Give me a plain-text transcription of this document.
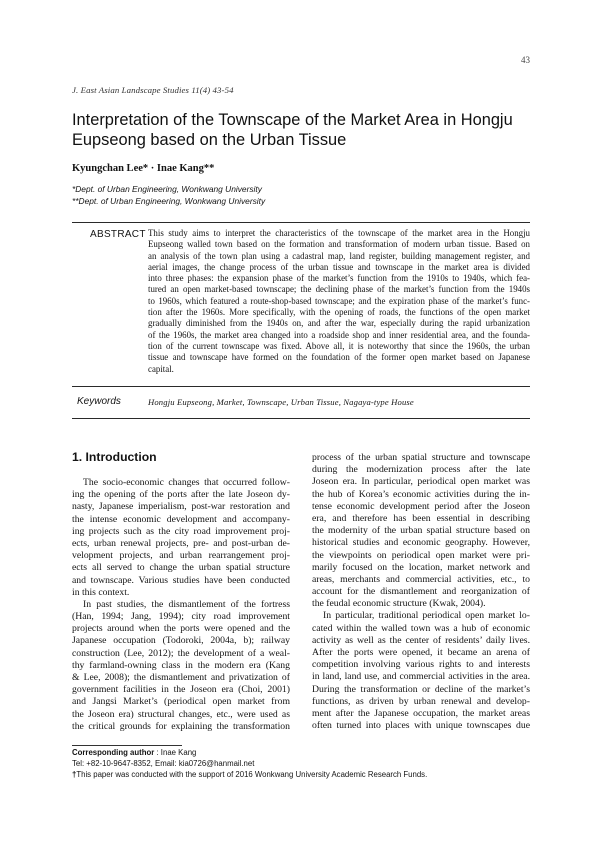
43
J. East Asian Landscape Studies 11(4) 43-54
Interpretation of the Townscape of the Market Area in Hongju
Eupseong based on the Urban Tissue
Kyungchan Lee* · Inae Kang**
*Dept. of Urban Engineering, Wonkwang University
**Dept. of Urban Engineering, Wonkwang University
ABSTRACT This study aims to interpret the characteristics of the townscape of the market area in the Hongju
Eupseong walled town based on the formation and transformation of modern urban tissue. Based on
an analysis of the town plan using a cadastral map, land register, building management register, and
aerial images, the change process of the urban tissue and townscape in the market area is divided
into three phases: the expansion phase of the market’s function from the 1910s to 1940s, which fea-
tured an open market-based townscape; the declining phase of the market’s function from the 1940s
to 1960s, which featured a route-shop-based townscape; and the expiration phase of the market’s func-
tion after the 1960s. More specifically, with the opening of roads, the functions of the open market
gradually diminished from the 1940s on, and after the war, especially during the rapid urbanization
of the 1960s, the market area changed into a roadside shop and inner residential area, and the founda-
tion of the current townscape was fixed. Above all, it is noteworthy that since the 1960s, the urban
tissue and townscape have formed on the foundation of the former open market based on Japanese
capital.
Keywords	Hongju Eupseong, Market, Townscape, Urban Tissue, Nagaya-type House
1. Introduction
The socio-economic changes that occurred follow-
ing the opening of the ports after the late Joseon dy-
nasty, Japanese imperialism, post-war restoration and
the intense economic development and accompany-
ing projects such as the city road improvement proj-
ects, urban renewal projects, pre- and post-urban de-
velopment projects, and urban rearrangement proj-
ects all served to change the urban spatial structure
and townscape. Various studies have been conducted
in this context.
In past studies, the dismantlement of the fortress
(Han, 1994; Jang, 1994); city road improvement
projects around when the ports were opened and the
Japanese occupation (Todoroki, 2004a, b); railway
construction (Lee, 2012); the development of a weal-
thy farmland-owning class in the modern era (Kang
& Lee, 2008); the dismantlement and privatization of
government facilities in the Joseon era (Choi, 2001)
and Jangsi Market’s (periodical open market from
the Joseon era) structural changes, etc., were used as
the critical grounds for explaining the transformation
process of the urban spatial structure and townscape
during the modernization process after the late
Joseon era. In particular, periodical open market was
the hub of Korea’s economic activities during the in-
tense economic development period after the Joseon
era, and therefore has been essential in describing
the modernity of the urban spatial structure based on
historical studies and economic geography. However,
the viewpoints on periodical open market were pri-
marily focused on the location, market network and
areas, merchants and commercial activities, etc., to
account for the dismantlement and reorganization of
the feudal economic structure (Kwak, 2004).
In particular, traditional periodical open market lo-
cated within the walled town was a hub of economic
activity as well as the center of residents’ daily lives.
After the ports were opened, it became an arena of
competition involving various rights to and interests
in land, land use, and commercial activities in the area.
During the transformation or decline of the market’s
functions, as driven by urban renewal and develop-
ment after the Japanese occupation, the market areas
often turned into places with unique townscapes due
Corresponding author : Inae Kang
Tel: +82-10-9647-8352, Email: kia0726@hanmail.net
†This paper was conducted with the support of 2016 Wonkwang University Academic Research Funds.
